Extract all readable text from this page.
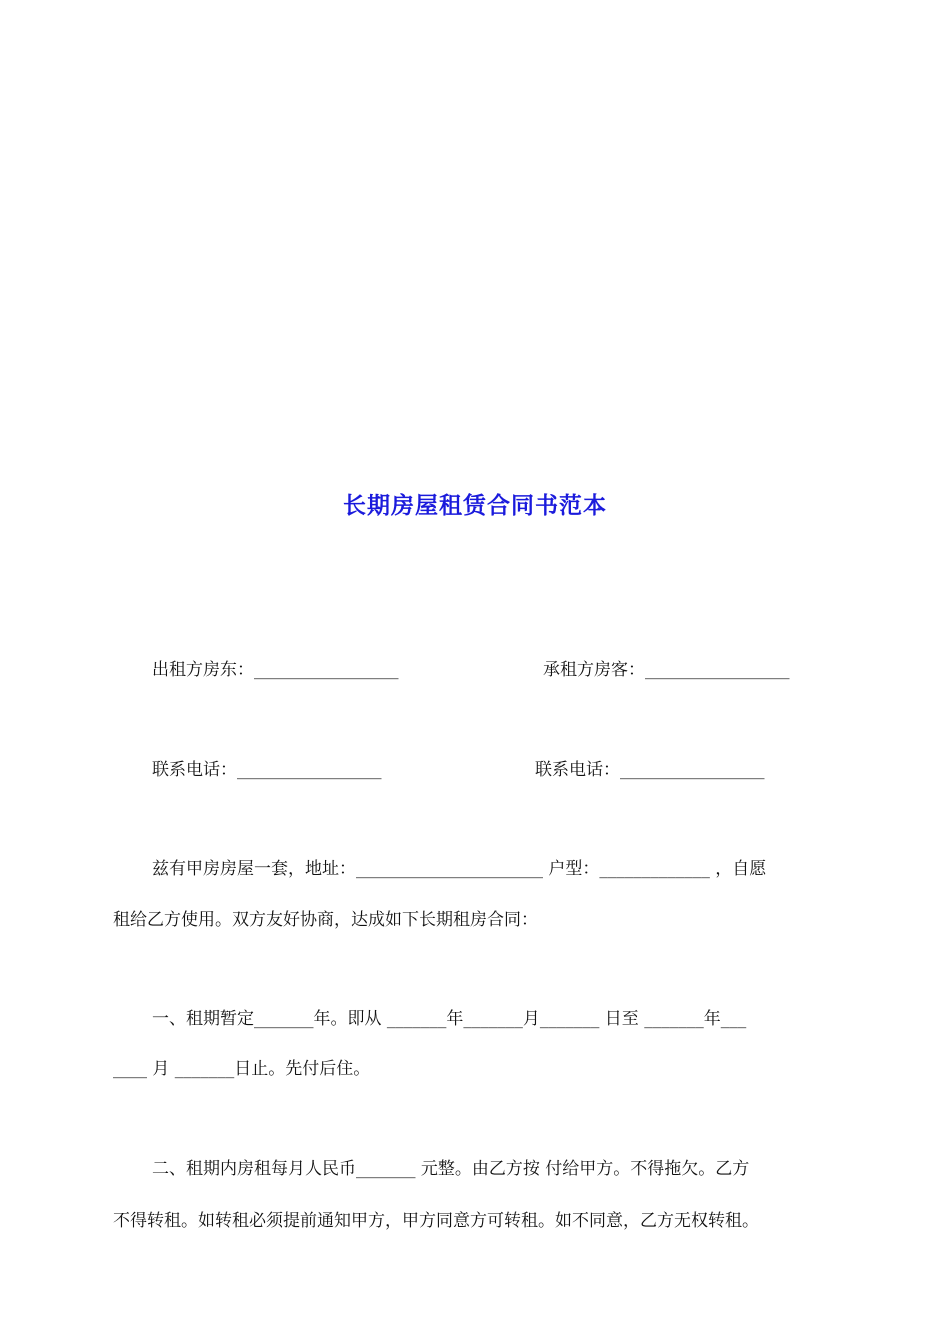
长期房屋租赁合同书范本
出租方房东：_________________	承租方房客：_________________
联系电话：_________________	联系电话：_________________
兹有甲房房屋一套，地址：______________________ 户型：_____________ ，自愿
租给乙方使用。双方友好协商，达成如下长期租房合同：
一、租期暂定_______年。即从 _______年_______月_______ 日至 _______年___
____ 月 _______日止。先付后住。
二、租期内房租每月人民币_______ 元整。由乙方按 付给甲方。不得拖欠。乙方
不得转租。如转租必须提前通知甲方，甲方同意方可转租。如不同意，乙方无权转租。
